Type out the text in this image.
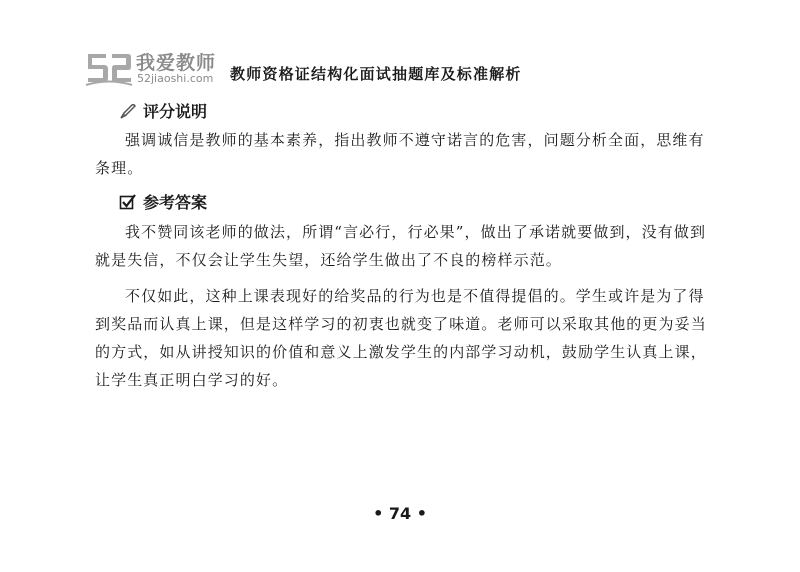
我爱教师
52jiaoshi.com 教师资格证结构化面试抽题库及标准解析
评分说明

强调诚信是教师的基本素养，指出教师不遵守诺言的危害，问题分析全面，思维有条理。

参考答案

我不赞同该老师的做法，所谓“言必行，行必果”，做出了承诺就要做到，没有做到就是失信，不仅会让学生失望，还给学生做出了不良的榜样示范。

不仅如此，这种上课表现好的给奖品的行为也是不值得提倡的。学生或许是为了得到奖品而认真上课，但是这样学习的初衷也就变了味道。老师可以采取其他的更为妥当的方式，如从讲授知识的价值和意义上激发学生的内部学习动机，鼓励学生认真上课，让学生真正明白学习的好。

• 74 •
